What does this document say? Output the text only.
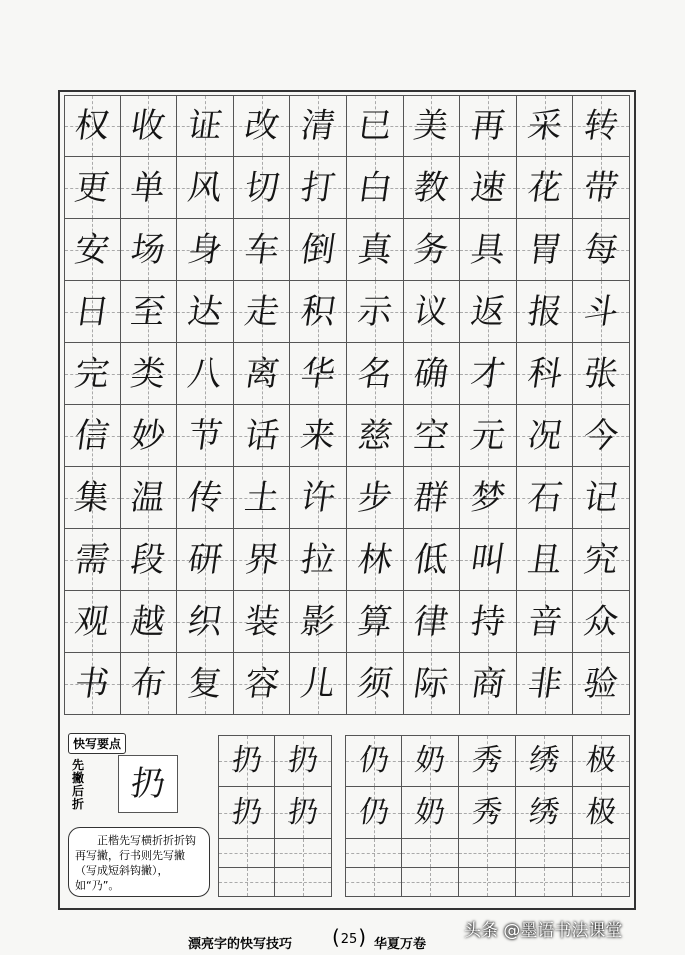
权 收 证 改 清 已 美 再 采 转
更 单 风 切 打 白 教 速 花 带
安 场 身 车 倒 真 务 具 胃 每
日 至 达 走 积 示 议 返 报 斗
完 类 八 离 华 名 确 才 科 张
信 妙 节 话 来 慈 空 元 况 今
集 温 传 土 许 步 群 梦 石 记
需 段 研 界 拉 林 低 叫 且 究
观 越 织 装 影 算 律 持 音 众
书 布 复 容 儿 须 际 商 非 验
快写要点
先撇后折 扔
正楷先写横折折折钩再写撇，行书则先写撇（写成短斜钩撇），如“乃”。
扔 扔
扔 扔
仍 奶 秀 绣 极
仍 奶 秀 绣 极
漂亮字的快写技巧
(	25 )	华夏万卷
头条 @墨语书法课堂
